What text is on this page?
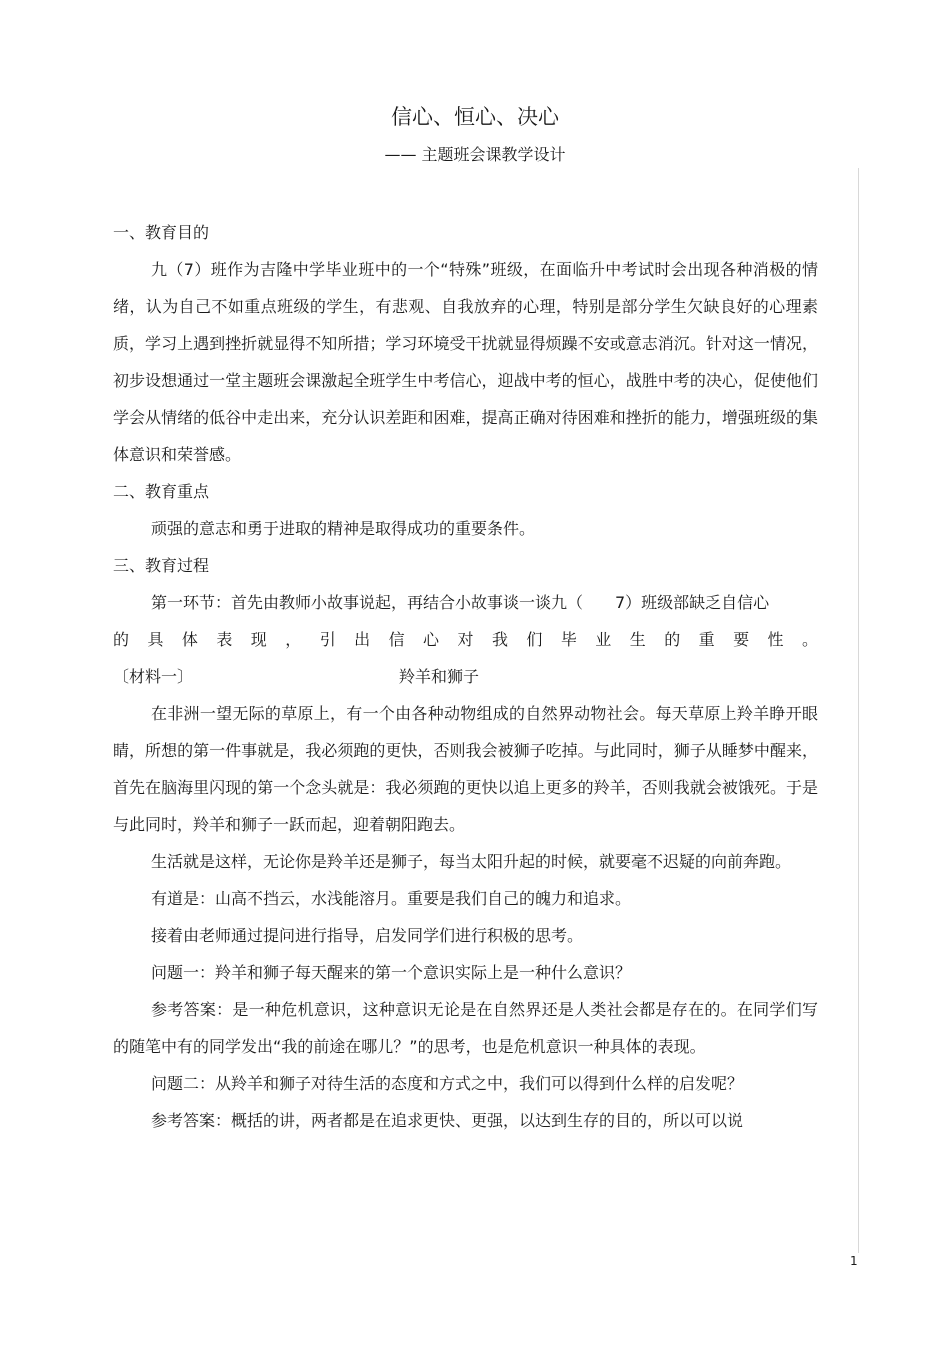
信心、恒心、决心
—— 主题班会课教学设计

一、教育目的

九（7）班作为吉隆中学毕业班中的一个“特殊”班级，在面临升中考试时会出现各种消极的情绪，认为自己不如重点班级的学生，有悲观、自我放弃的心理，特别是部分学生欠缺良好的心理素质，学习上遇到挫折就显得不知所措；学习环境受干扰就显得烦躁不安或意志消沉。针对这一情况，初步设想通过一堂主题班会课激起全班学生中考信心，迎战中考的恒心，战胜中考的决心，促使他们学会从情绪的低谷中走出来，充分认识差距和困难，提高正确对待困难和挫折的能力，增强班级的集体意识和荣誉感。

二、教育重点

顽强的意志和勇于进取的精神是取得成功的重要条件。

三、教育过程

第一环节：首先由教师小故事说起，再结合小故事谈一谈九（　　7）班级部缺乏自信心

的具体表现，引出信心对我们毕业生的重要性。

〔材料一〕	羚羊和狮子

在非洲一望无际的草原上，有一个由各种动物组成的自然界动物社会。每天草原上羚羊睁开眼睛，所想的第一件事就是，我必须跑的更快，否则我会被狮子吃掉。与此同时，狮子从睡梦中醒来，首先在脑海里闪现的第一个念头就是：我必须跑的更快以追上更多的羚羊，否则我就会被饿死。于是与此同时，羚羊和狮子一跃而起，迎着朝阳跑去。

生活就是这样，无论你是羚羊还是狮子，每当太阳升起的时候，就要毫不迟疑的向前奔跑。

有道是：山高不挡云，水浅能溶月。重要是我们自己的魄力和追求。

接着由老师通过提问进行指导，启发同学们进行积极的思考。

问题一：羚羊和狮子每天醒来的第一个意识实际上是一种什么意识？

参考答案：是一种危机意识，这种意识无论是在自然界还是人类社会都是存在的。在同学们写的随笔中有的同学发出“我的前途在哪儿？”的思考，也是危机意识一种具体的表现。

问题二：从羚羊和狮子对待生活的态度和方式之中，我们可以得到什么样的启发呢？

参考答案：概括的讲，两者都是在追求更快、更强，以达到生存的目的，所以可以说

1
